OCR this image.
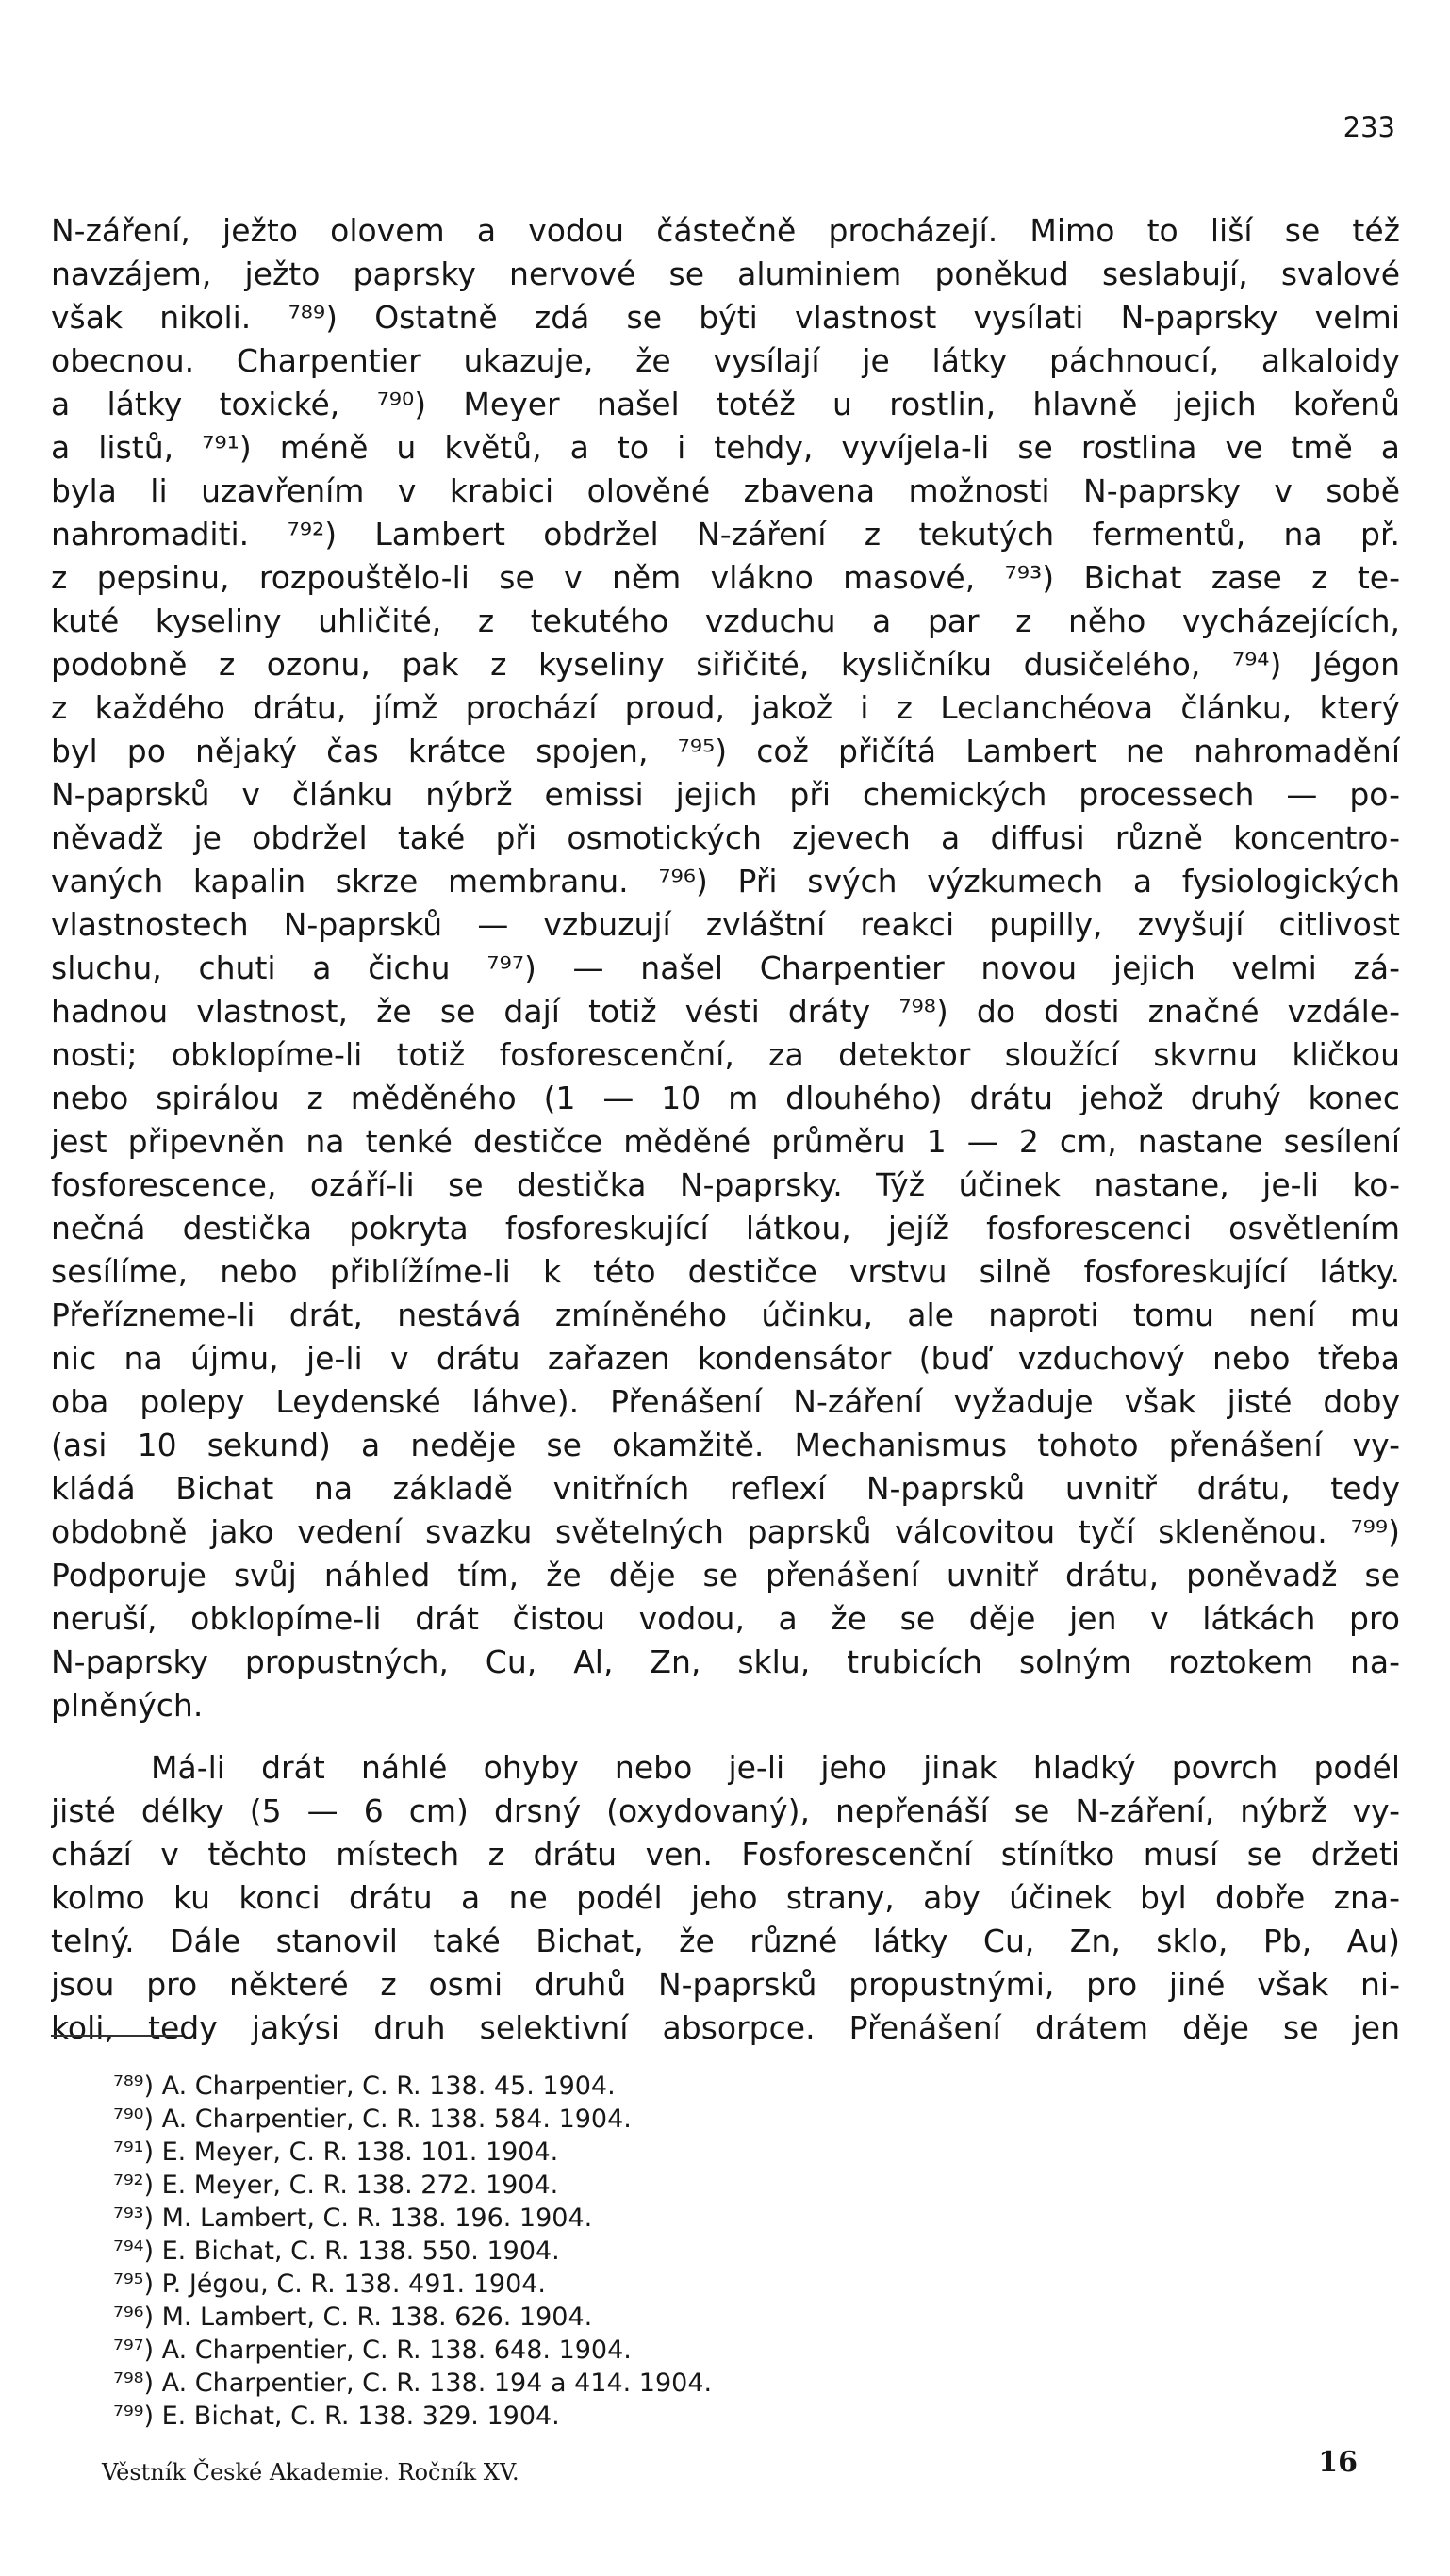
233
N-záření, ježto olovem a vodou částečně procházejí. Mimo to liší se též
navzájem, ježto paprsky nervové se aluminiem poněkud seslabují, svalové
však nikoli. ⁷⁸⁹) Ostatně zdá se býti vlastnost vysílati N-paprsky velmi
obecnou. Charpentier ukazuje, že vysílají je látky páchnoucí, alkaloidy
a látky toxické, ⁷⁹⁰) Meyer našel totéž u rostlin, hlavně jejich kořenů
a listů, ⁷⁹¹) méně u květů, a to i tehdy, vyvíjela-li se rostlina ve tmě a
byla li uzavřením v krabici olověné zbavena možnosti N-paprsky v sobě
nahromaditi. ⁷⁹²) Lambert obdržel N-záření z tekutých fermentů, na př.
z pepsinu, rozpouštělo-li se v něm vlákno masové, ⁷⁹³) Bichat zase z te-
kuté kyseliny uhličité, z tekutého vzduchu a par z něho vycházejících,
podobně z ozonu, pak z kyseliny siřičité, kysličníku dusičelého, ⁷⁹⁴) Jégon
z každého drátu, jímž prochází proud, jakož i z Leclanchéova článku, který
byl po nějaký čas krátce spojen, ⁷⁹⁵) což přičítá Lambert ne nahromadění
N-paprsků v článku nýbrž emissi jejich při chemických processech — po-
něvadž je obdržel také při osmotických zjevech a diffusi různě koncentro-
vaných kapalin skrze membranu. ⁷⁹⁶) Při svých výzkumech a fysiologických
vlastnostech N-paprsků — vzbuzují zvláštní reakci pupilly, zvyšují citlivost
sluchu, chuti a čichu ⁷⁹⁷) — našel Charpentier novou jejich velmi zá-
hadnou vlastnost, že se dají totiž vésti dráty ⁷⁹⁸) do dosti značné vzdále-
nosti; obklopíme-li totiž fosforescenční, za detektor sloužící skvrnu kličkou
nebo spirálou z měděného (1 — 10 m dlouhého) drátu jehož druhý konec
jest připevněn na tenké destičce měděné průměru 1 — 2 cm, nastane sesílení
fosforescence, ozáří-li se destička N-paprsky. Týž účinek nastane, je-li ko-
nečná destička pokryta fosforeskující látkou, jejíž fosforescenci osvětlením
sesílíme, nebo přiblížíme-li k této destičce vrstvu silně fosforeskující látky.
Přeřízneme-li drát, nestává zmíněného účinku, ale naproti tomu není mu
nic na újmu, je-li v drátu zařazen kondensátor (buď vzduchový nebo třeba
oba polepy Leydenské láhve). Přenášení N-záření vyžaduje však jisté doby
(asi 10 sekund) a neděje se okamžitě. Mechanismus tohoto přenášení vy-
kládá Bichat na základě vnitřních reflexí N-paprsků uvnitř drátu, tedy
obdobně jako vedení svazku světelných paprsků válcovitou tyčí skleněnou. ⁷⁹⁹)
Podporuje svůj náhled tím, že děje se přenášení uvnitř drátu, poněvadž se
neruší, obklopíme-li drát čistou vodou, a že se děje jen v látkách pro
N-paprsky propustných, Cu, Al, Zn, sklu, trubicích solným roztokem na-
plněných.
Má-li drát náhlé ohyby nebo je-li jeho jinak hladký povrch podél
jisté délky (5 — 6 cm) drsný (oxydovaný), nepřenáší se N-záření, nýbrž vy-
chází v těchto místech z drátu ven. Fosforescenční stínítko musí se držeti
kolmo ku konci drátu a ne podél jeho strany, aby účinek byl dobře zna-
telný. Dále stanovil také Bichat, že různé látky Cu, Zn, sklo, Pb, Au)
jsou pro některé z osmi druhů N-paprsků propustnými, pro jiné však ni-
koli, tedy jakýsi druh selektivní absorpce. Přenášení drátem děje se jen
⁷⁸⁹) A. Charpentier, C. R. 138. 45. 1904.
⁷⁹⁰) A. Charpentier, C. R. 138. 584. 1904.
⁷⁹¹) E. Meyer, C. R. 138. 101. 1904.
⁷⁹²) E. Meyer, C. R. 138. 272. 1904.
⁷⁹³) M. Lambert, C. R. 138. 196. 1904.
⁷⁹⁴) E. Bichat, C. R. 138. 550. 1904.
⁷⁹⁵) P. Jégou, C. R. 138. 491. 1904.
⁷⁹⁶) M. Lambert, C. R. 138. 626. 1904.
⁷⁹⁷) A. Charpentier, C. R. 138. 648. 1904.
⁷⁹⁸) A. Charpentier, C. R. 138. 194 a 414. 1904.
⁷⁹⁹) E. Bichat, C. R. 138. 329. 1904.
Věstník České Akademie. Ročník XV.	16
